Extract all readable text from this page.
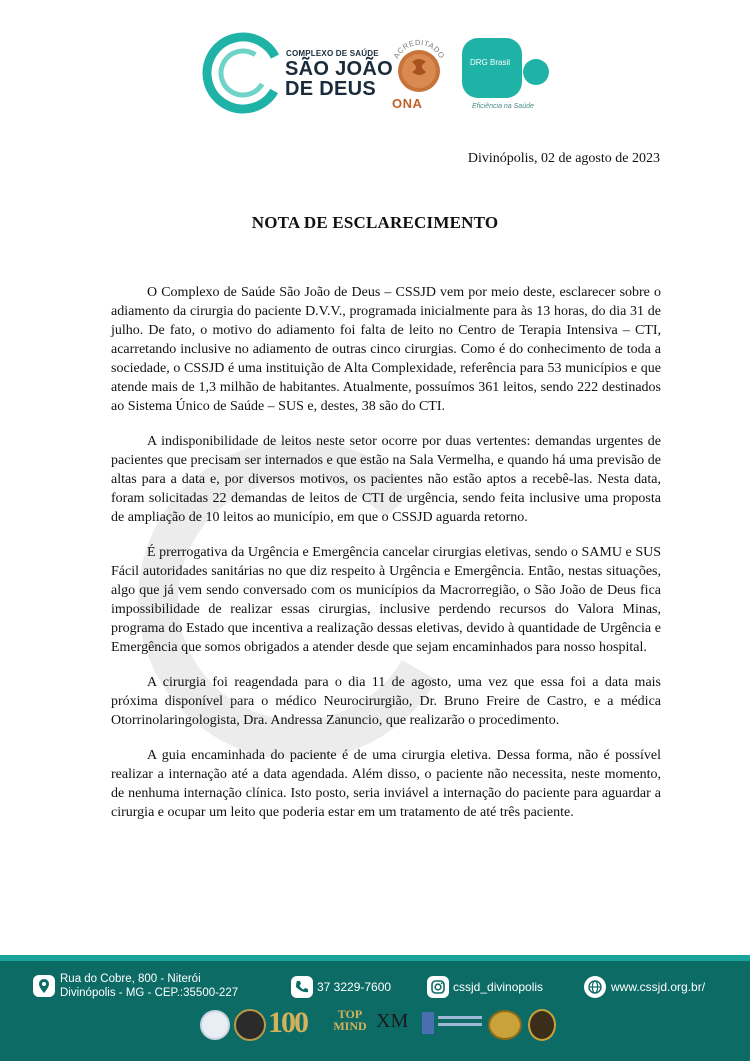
COMPLEXO DE SAÚDE
SÃO JOÃO
DE DEUS
ACREDITADO
ONA
DRG Brasil
Eficiência na Saúde
Divinópolis, 02 de agosto de 2023
NOTA DE ESCLARECIMENTO

O Complexo de Saúde São João de Deus – CSSJD vem por meio deste, esclarecer sobre o adiamento da cirurgia do paciente D.V.V., programada inicialmente para às 13 horas, do dia 31 de julho. De fato, o motivo do adiamento foi falta de leito no Centro de Terapia Intensiva – CTI, acarretando inclusive no adiamento de outras cinco cirurgias. Como é do conhecimento de toda a sociedade, o CSSJD é uma instituição de Alta Complexidade, referência para 53 municípios e que atende mais de 1,3 milhão de habitantes. Atualmente, possuímos 361 leitos, sendo 222 destinados ao Sistema Único de Saúde – SUS e, destes, 38 são do CTI.

A indisponibilidade de leitos neste setor ocorre por duas vertentes: demandas urgentes de pacientes que precisam ser internados e que estão na Sala Vermelha, e quando há uma previsão de altas para a data e, por diversos motivos, os pacientes não estão aptos a recebê-las. Nesta data, foram solicitadas 22 demandas de leitos de CTI de urgência, sendo feita inclusive uma proposta de ampliação de 10 leitos ao município, em que o CSSJD aguarda retorno.

É prerrogativa da Urgência e Emergência cancelar cirurgias eletivas, sendo o SAMU e SUS Fácil autoridades sanitárias no que diz respeito à Urgência e Emergência. Então, nestas situações, algo que já vem sendo conversado com os municípios da Macrorregião, o São João de Deus fica impossibilidade de realizar essas cirurgias, inclusive perdendo recursos do Valora Minas, programa do Estado que incentiva a realização dessas eletivas, devido à quantidade de Urgência e Emergência que somos obrigados a atender desde que sejam encaminhados para nosso hospital.

A cirurgia foi reagendada para o dia 11 de agosto, uma vez que essa foi a data mais próxima disponível para o médico Neurocirurgião, Dr. Bruno Freire de Castro, e a médica Otorrinolaringologista, Dra. Andressa Zanuncio, que realizarão o procedimento.

A guia encaminhada do paciente é de uma cirurgia eletiva. Dessa forma, não é possível realizar a internação até a data agendada. Além disso, o paciente não necessita, neste momento, de nenhuma internação clínica. Isto posto, seria inviável a internação do paciente para aguardar a cirurgia e ocupar um leito que poderia estar em um tratamento de até três paciente.

Rua do Cobre, 800 - Niterói
Divinópolis - MG - CEP.:35500-227	37 3229-7600	cssjd_divinopolis	www.cssjd.org.br/
100	TOP MIND XM
